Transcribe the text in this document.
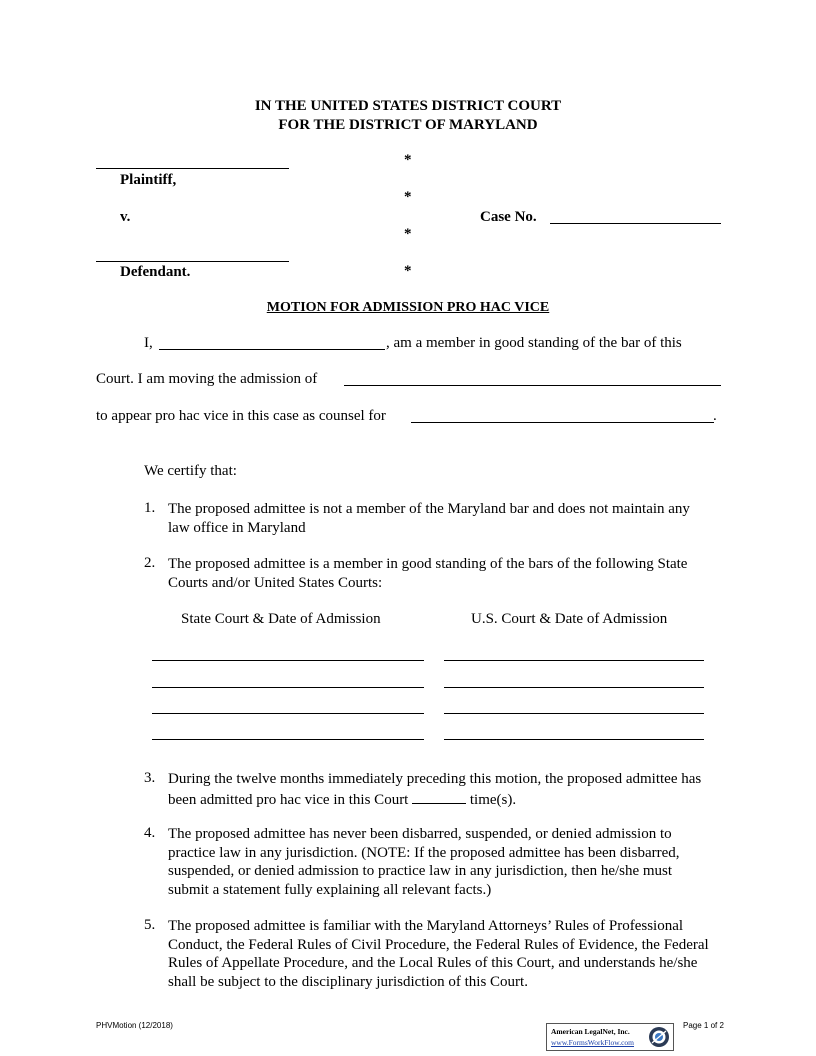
IN THE UNITED STATES DISTRICT COURT
FOR THE DISTRICT OF MARYLAND
Plaintiff,
v.
Defendant.
*
*
*
*
Case No.
MOTION FOR ADMISSION PRO HAC VICE
I,	, am a member in good standing of the bar of this
Court. I am moving the admission of
to appear pro hac vice in this case as counsel for	.
We certify that:
1. The proposed admittee is not a member of the Maryland bar and does not maintain any law office in Maryland
2. The proposed admittee is a member in good standing of the bars of the following State Courts and/or United States Courts:
State Court & Date of Admission	U.S. Court & Date of Admission
3. During the twelve months immediately preceding this motion, the proposed admittee has been admitted pro hac vice in this Court	time(s).
4. The proposed admittee has never been disbarred, suspended, or denied admission to practice law in any jurisdiction. (NOTE: If the proposed admittee has been disbarred, suspended, or denied admission to practice law in any jurisdiction, then he/she must submit a statement fully explaining all relevant facts.)
5. The proposed admittee is familiar with the Maryland Attorneys’ Rules of Professional Conduct, the Federal Rules of Civil Procedure, the Federal Rules of Evidence, the Federal Rules of Appellate Procedure, and the Local Rules of this Court, and understands he/she shall be subject to the disciplinary jurisdiction of this Court.
PHVMotion (12/2018)	Page 1 of 2
American LegalNet, Inc.
www.FormsWorkFlow.com
